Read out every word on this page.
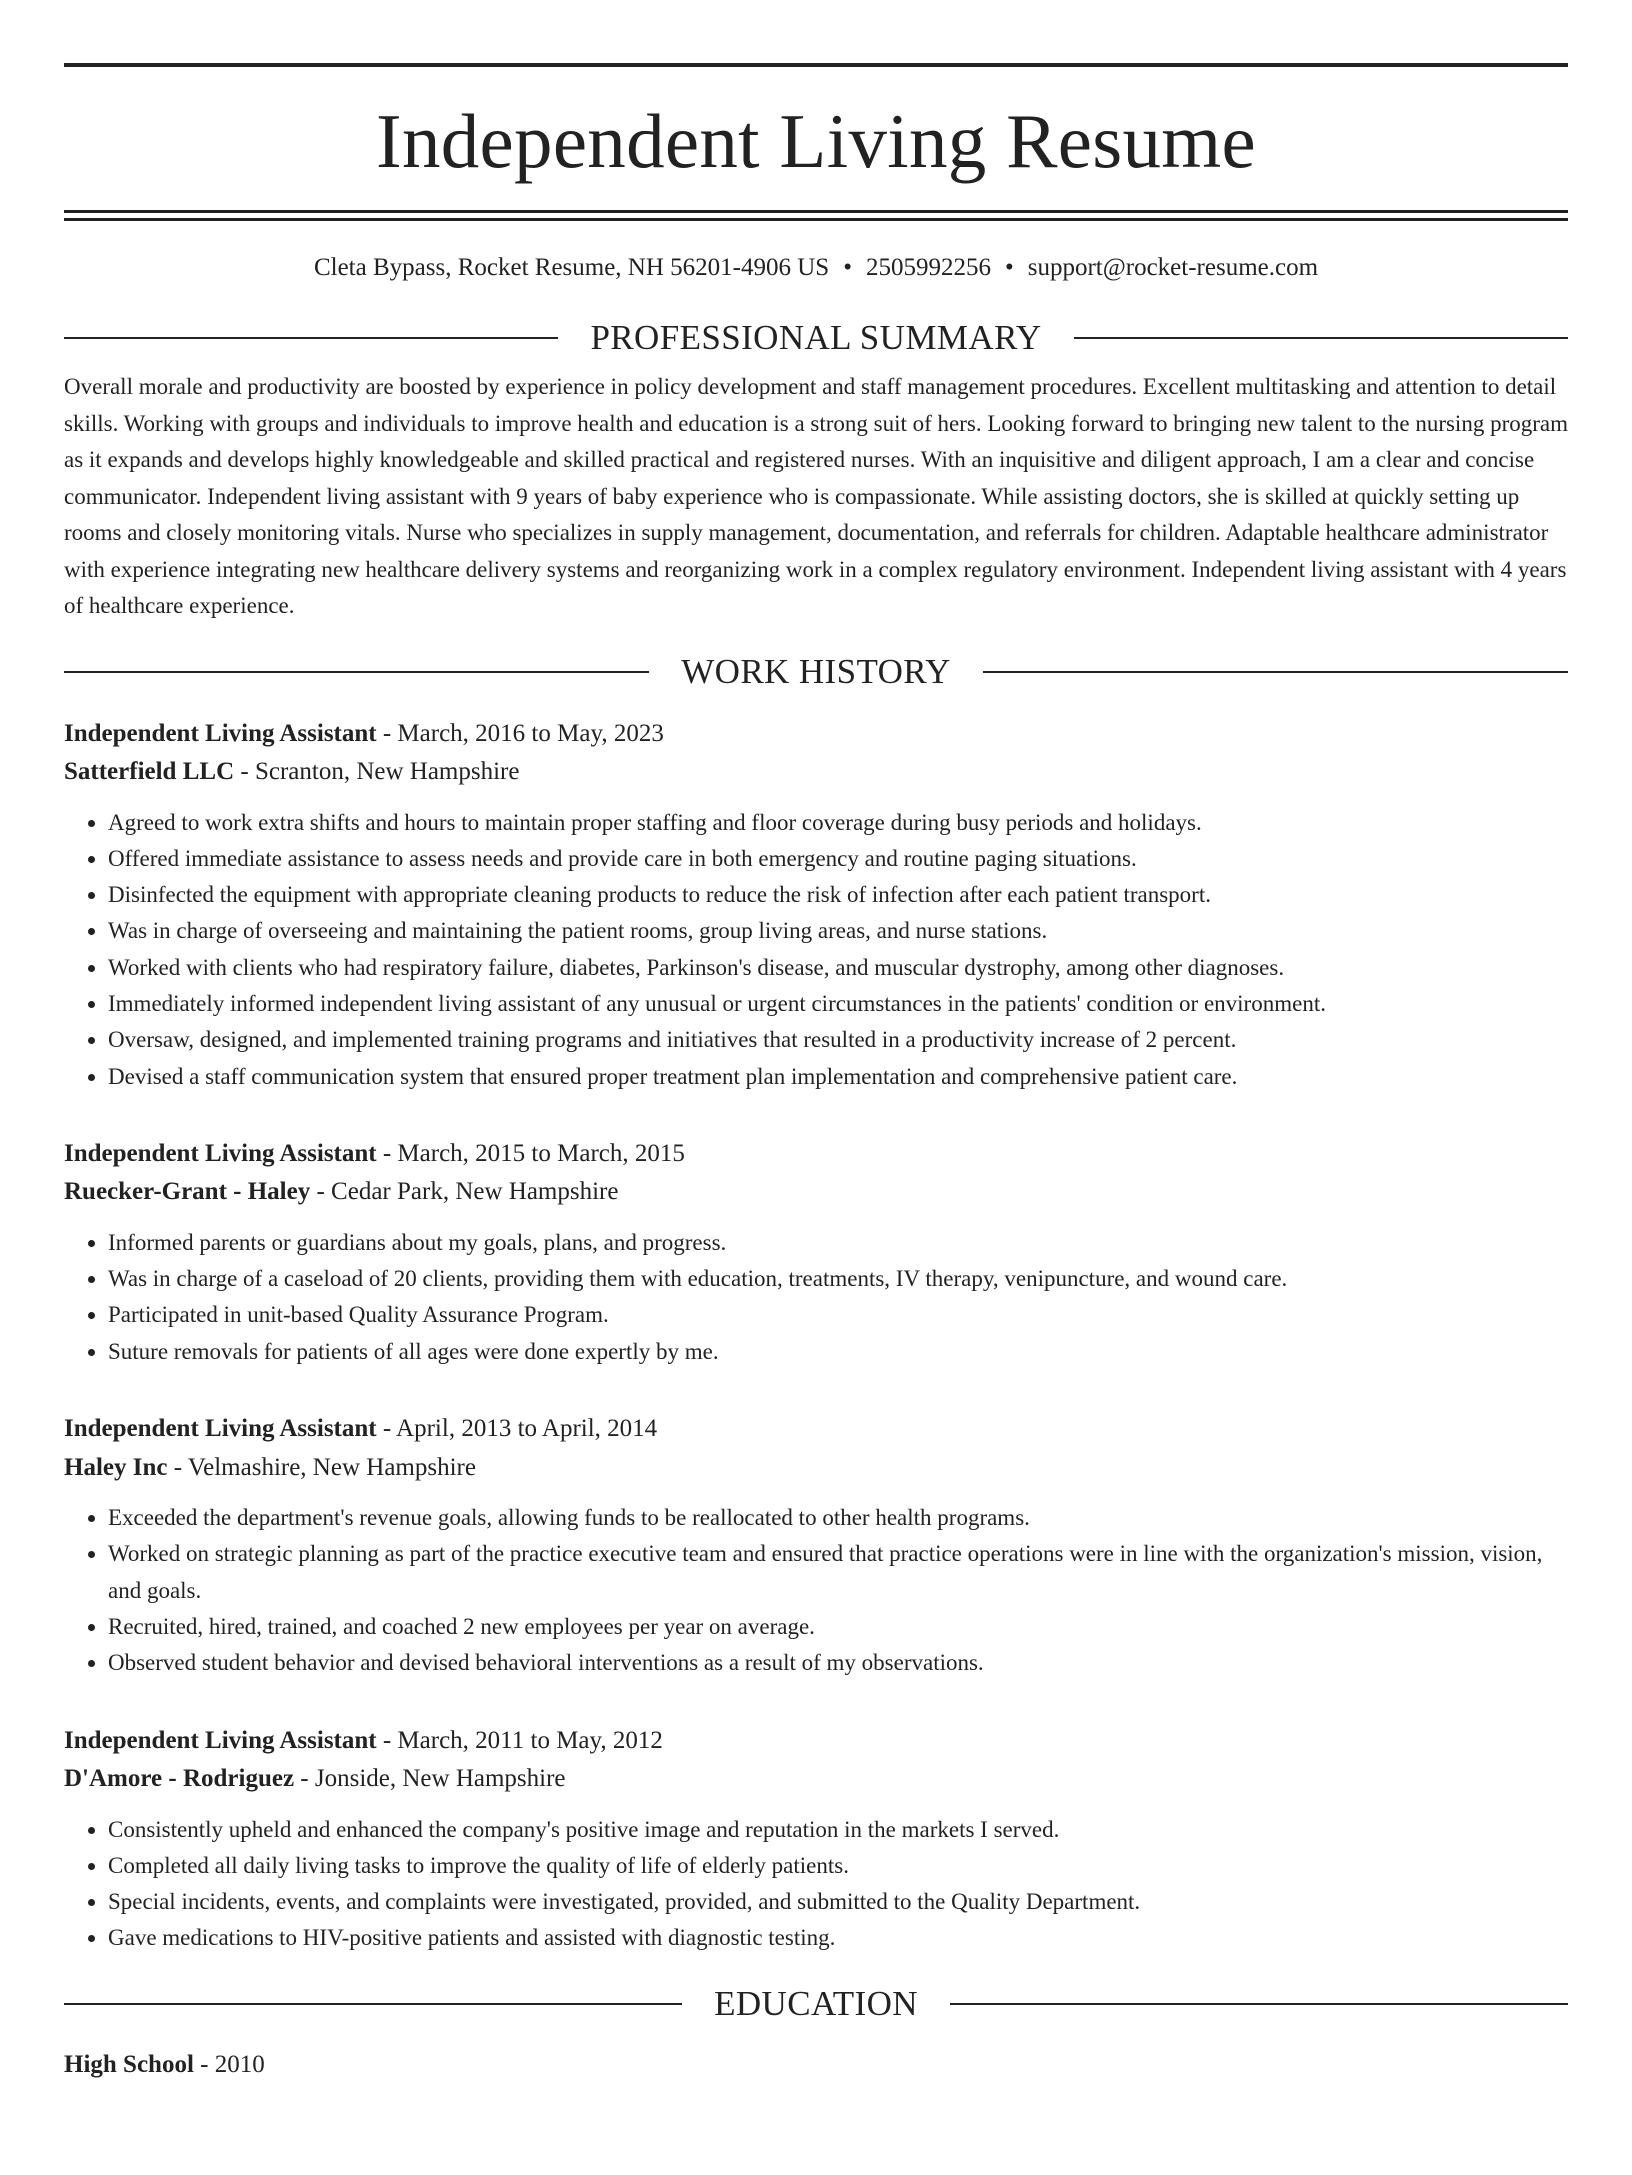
Independent Living Resume
Cleta Bypass, Rocket Resume, NH 56201-4906 US • 2505992256 • support@rocket-resume.com
PROFESSIONAL SUMMARY
Overall morale and productivity are boosted by experience in policy development and staff management procedures. Excellent multitasking and attention to detail skills. Working with groups and individuals to improve health and education is a strong suit of hers. Looking forward to bringing new talent to the nursing program as it expands and develops highly knowledgeable and skilled practical and registered nurses. With an inquisitive and diligent approach, I am a clear and concise communicator. Independent living assistant with 9 years of baby experience who is compassionate. While assisting doctors, she is skilled at quickly setting up rooms and closely monitoring vitals. Nurse who specializes in supply management, documentation, and referrals for children. Adaptable healthcare administrator with experience integrating new healthcare delivery systems and reorganizing work in a complex regulatory environment. Independent living assistant with 4 years of healthcare experience.
WORK HISTORY
Independent Living Assistant - March, 2016 to May, 2023
Satterfield LLC - Scranton, New Hampshire
• Agreed to work extra shifts and hours to maintain proper staffing and floor coverage during busy periods and holidays.
• Offered immediate assistance to assess needs and provide care in both emergency and routine paging situations.
• Disinfected the equipment with appropriate cleaning products to reduce the risk of infection after each patient transport.
• Was in charge of overseeing and maintaining the patient rooms, group living areas, and nurse stations.
• Worked with clients who had respiratory failure, diabetes, Parkinson's disease, and muscular dystrophy, among other diagnoses.
• Immediately informed independent living assistant of any unusual or urgent circumstances in the patients' condition or environment.
• Oversaw, designed, and implemented training programs and initiatives that resulted in a productivity increase of 2 percent.
• Devised a staff communication system that ensured proper treatment plan implementation and comprehensive patient care.
Independent Living Assistant - March, 2015 to March, 2015
Ruecker-Grant - Haley - Cedar Park, New Hampshire
• Informed parents or guardians about my goals, plans, and progress.
• Was in charge of a caseload of 20 clients, providing them with education, treatments, IV therapy, venipuncture, and wound care.
• Participated in unit-based Quality Assurance Program.
• Suture removals for patients of all ages were done expertly by me.
Independent Living Assistant - April, 2013 to April, 2014
Haley Inc - Velmashire, New Hampshire
• Exceeded the department's revenue goals, allowing funds to be reallocated to other health programs.
• Worked on strategic planning as part of the practice executive team and ensured that practice operations were in line with the organization's mission, vision, and goals.
• Recruited, hired, trained, and coached 2 new employees per year on average.
• Observed student behavior and devised behavioral interventions as a result of my observations.
Independent Living Assistant - March, 2011 to May, 2012
D'Amore - Rodriguez - Jonside, New Hampshire
• Consistently upheld and enhanced the company's positive image and reputation in the markets I served.
• Completed all daily living tasks to improve the quality of life of elderly patients.
• Special incidents, events, and complaints were investigated, provided, and submitted to the Quality Department.
• Gave medications to HIV-positive patients and assisted with diagnostic testing.
EDUCATION
High School - 2010
